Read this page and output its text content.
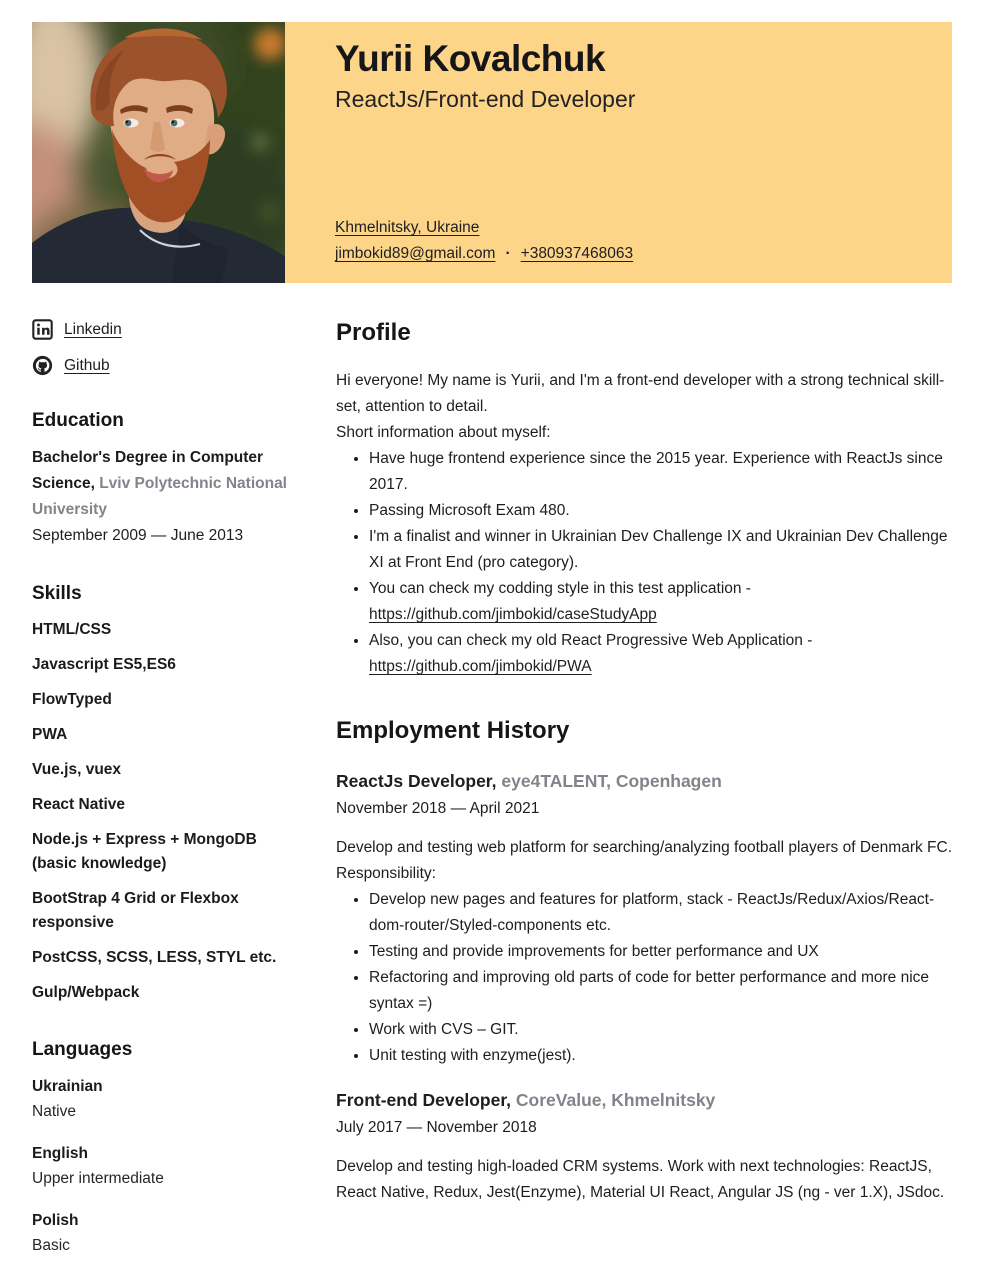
Yurii Kovalchuk
ReactJs/Front-end Developer
Khmelnitsky, Ukraine
jimbokid89@gmail.com · +380937468063
Linkedin
Github
Education

Bachelor's Degree in Computer Science, Lviv Polytechnic National University

September 2009 — June 2013
Skills
HTML/CSS
Javascript ES5,ES6
FlowTyped
PWA
Vue.js, vuex
React Native
Node.js + Express + MongoDB (basic knowledge)
BootStrap 4 Grid or Flexbox responsive
PostCSS, SCSS, LESS, STYL etc.
Gulp/Webpack
Languages
Ukrainian
Native
English
Upper intermediate
Polish
Basic
Profile

Hi everyone! My name is Yurii, and I'm a front-end developer with a strong technical skill-set, attention to detail.
Short information about myself:

• Have huge frontend experience since the 2015 year. Experience with ReactJs since 2017.
• Passing Microsoft Exam 480.
• I'm a finalist and winner in Ukrainian Dev Challenge IX and Ukrainian Dev Challenge XI at Front End (pro category).
• You can check my codding style in this test application - https://github.com/jimbokid/caseStudyApp
• Also, you can check my old React Progressive Web Application - https://github.com/jimbokid/PWA
Employment History
ReactJs Developer, eye4TALENT, Copenhagen
November 2018 — April 2021

Develop and testing web platform for searching/analyzing football players of Denmark FC.
Responsibility:

• Develop new pages and features for platform, stack - ReactJs/Redux/Axios/React-dom-router/Styled-components etc.
• Testing and provide improvements for better performance and UX
• Refactoring and improving old parts of code for better performance and more nice syntax =)
• Work with CVS – GIT.
• Unit testing with enzyme(jest).
Front-end Developer, CoreValue, Khmelnitsky
July 2017 — November 2018

Develop and testing high-loaded CRM systems. Work with next technologies: ReactJS, React Native, Redux, Jest(Enzyme), Material UI React, Angular JS (ng - ver 1.X), JSdoc.
